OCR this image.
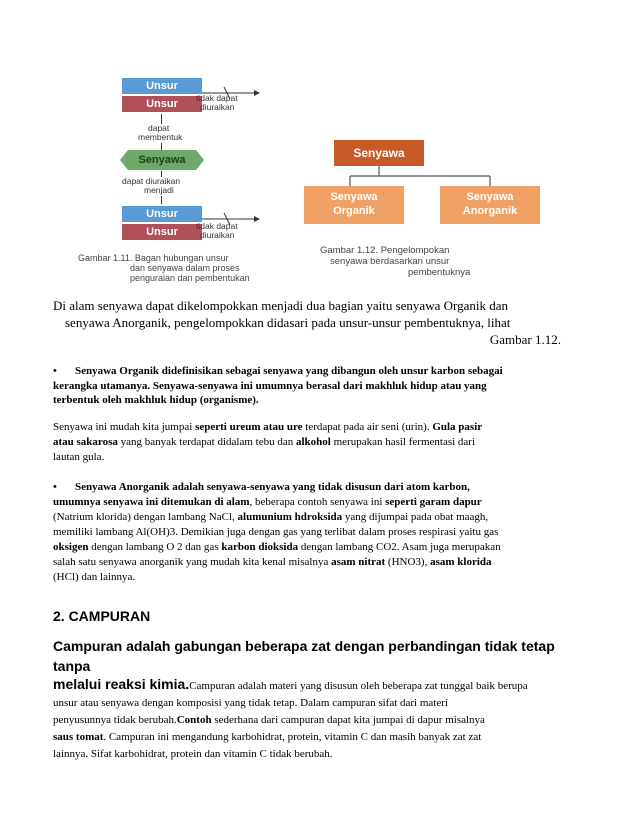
Unsur
Unsur	tidak dapat
diuraikan
dapat
membentuk
Senyawa
dapat diuraikan
menjadi
Unsur
Unsur	tidak dapat
diuraikan
Gambar 1.11. Bagan hubungan unsur
dan senyawa dalam proses
penguraian dan pembentukan
Senyawa
Senyawa
Organik
Senyawa
Anorganik
Gambar 1.12. Pengelompokan
senyawa berdasarkan unsur
pembentuknya
Di alam senyawa dapat dikelompokkan menjadi dua bagian yaitu senyawa Organik dan
senyawa Anorganik, pengelompokkan didasari pada unsur-unsur pembentuknya, lihat
Gambar 1.12.
• Senyawa Organik didefinisikan sebagai senyawa yang dibangun oleh unsur karbon sebagai
kerangka utamanya. Senyawa-senyawa ini umumnya berasal dari makhluk hidup atau yang
terbentuk oleh makhluk hidup (organisme).
Senyawa ini mudah kita jumpai seperti ureum atau ure terdapat pada air seni (urin). Gula pasir
atau sakarosa yang banyak terdapat didalam tebu dan alkohol merupakan hasil fermentasi dari
lautan gula.
• Senyawa Anorganik adalah senyawa-senyawa yang tidak disusun dari atom karbon,
umumnya senyawa ini ditemukan di alam, beberapa contoh senyawa ini seperti garam dapur
(Natrium klorida) dengan lambang NaCl, alumunium hdroksida yang dijumpai pada obat maagh,
memiliki lambang Al(OH)3. Demikian juga dengan gas yang terlibat dalam proses respirasi yaitu gas
oksigen dengan lambang O 2 dan gas karbon dioksida dengan lambang CO2. Asam juga merupakan
salah satu senyawa anorganik yang mudah kita kenal misalnya asam nitrat (HNO3), asam klorida
(HCl) dan lainnya.
2. CAMPURAN
Campuran adalah gabungan beberapa zat dengan perbandingan tidak tetap tanpa
melalui reaksi kimia.Campuran adalah materi yang disusun oleh beberapa zat tunggal baik berupa
unsur atau senyawa dengan komposisi yang tidak tetap. Dalam campuran sifat dari materi
penyusunnya tidak berubah.Contoh sederhana dari campuran dapat kita jumpai di dapur misalnya
saus tomat. Campuran ini mengandung karbohidrat, protein, vitamin C dan masih banyak zat zat
lainnya. Sifat karbohidrat, protein dan vitamin C tidak berubah.
